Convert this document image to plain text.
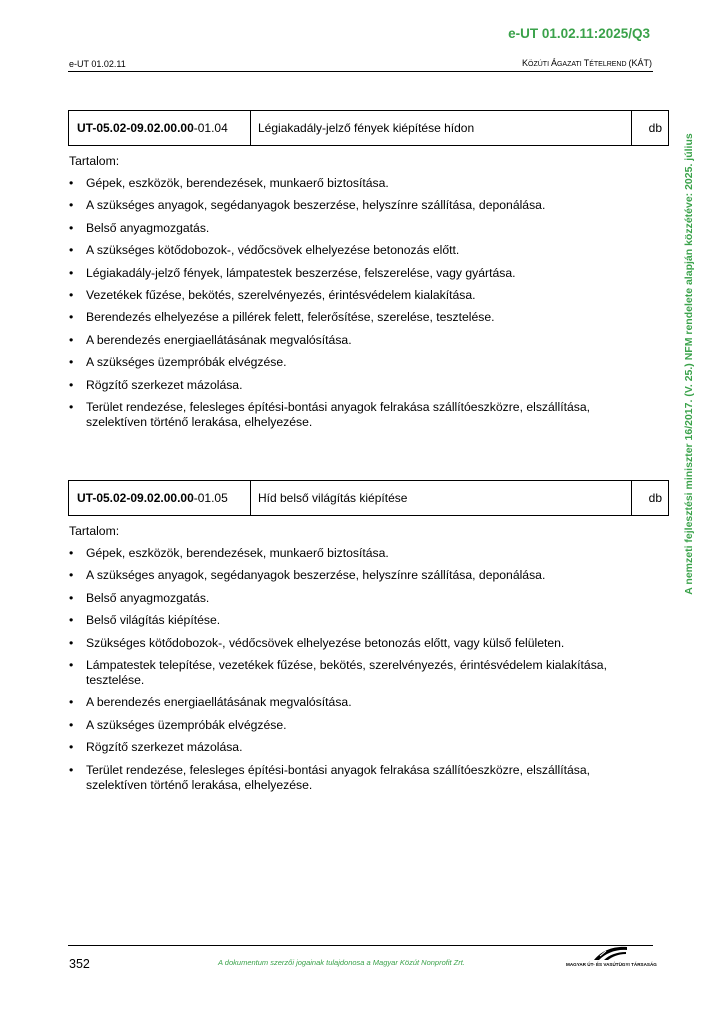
e-UT 01.02.11:2025/Q3
e-UT 01.02.11	KÖZÚTI ÁGAZATI TÉTELREND (KÁT)
A nemzeti fejlesztési miniszter 16/2017. (V. 25.) NFM rendelete alapján közzétéve: 2025. július
UT-05.02-09.02.00.00 -01.04	Légiakadály-jelző fények kiépítése hídon	db
Tartalom:
• Gépek, eszközök, berendezések, munkaerő biztosítása.
• A szükséges anyagok, segédanyagok beszerzése, helyszínre szállítása, deponálása.
• Belső anyagmozgatás.
• A szükséges kötődobozok-, védőcsövek elhelyezése betonozás előtt.
• Légiakadály-jelző fények, lámpatestek beszerzése, felszerelése, vagy gyártása.
• Vezetékek fűzése, bekötés, szerelvényezés, érintésvédelem kialakítása.
• Berendezés elhelyezése a pillérek felett, felerősítése, szerelése, tesztelése.
• A berendezés energiaellátásának megvalósítása.
• A szükséges üzempróbák elvégzése.
• Rögzítő szerkezet mázolása.
• Terület rendezése, felesleges építési-bontási anyagok felrakása szállítóeszközre, elszállítása, szelektíven történő lerakása, elhelyezése.
UT-05.02-09.02.00.00 -01.05	Híd belső világítás kiépítése	db
Tartalom:
• Gépek, eszközök, berendezések, munkaerő biztosítása.
• A szükséges anyagok, segédanyagok beszerzése, helyszínre szállítása, deponálása.
• Belső anyagmozgatás.
• Belső világítás kiépítése.
• Szükséges kötődobozok-, védőcsövek elhelyezése betonozás előtt, vagy külső felületen.
• Lámpatestek telepítése, vezetékek fűzése, bekötés, szerelvényezés, érintésvédelem kialakítása, tesztelése.
• A berendezés energiaellátásának megvalósítása.
• A szükséges üzempróbák elvégzése.
• Rögzítő szerkezet mázolása.
• Terület rendezése, felesleges építési-bontási anyagok felrakása szállítóeszközre, elszállítása, szelektíven történő lerakása, elhelyezése.
352	A dokumentum szerzői jogainak tulajdonosa a Magyar Közút Nonprofit Zrt.	MAGYAR ÚT- ÉS VASÚTÜGYI TÁRSASÁG
